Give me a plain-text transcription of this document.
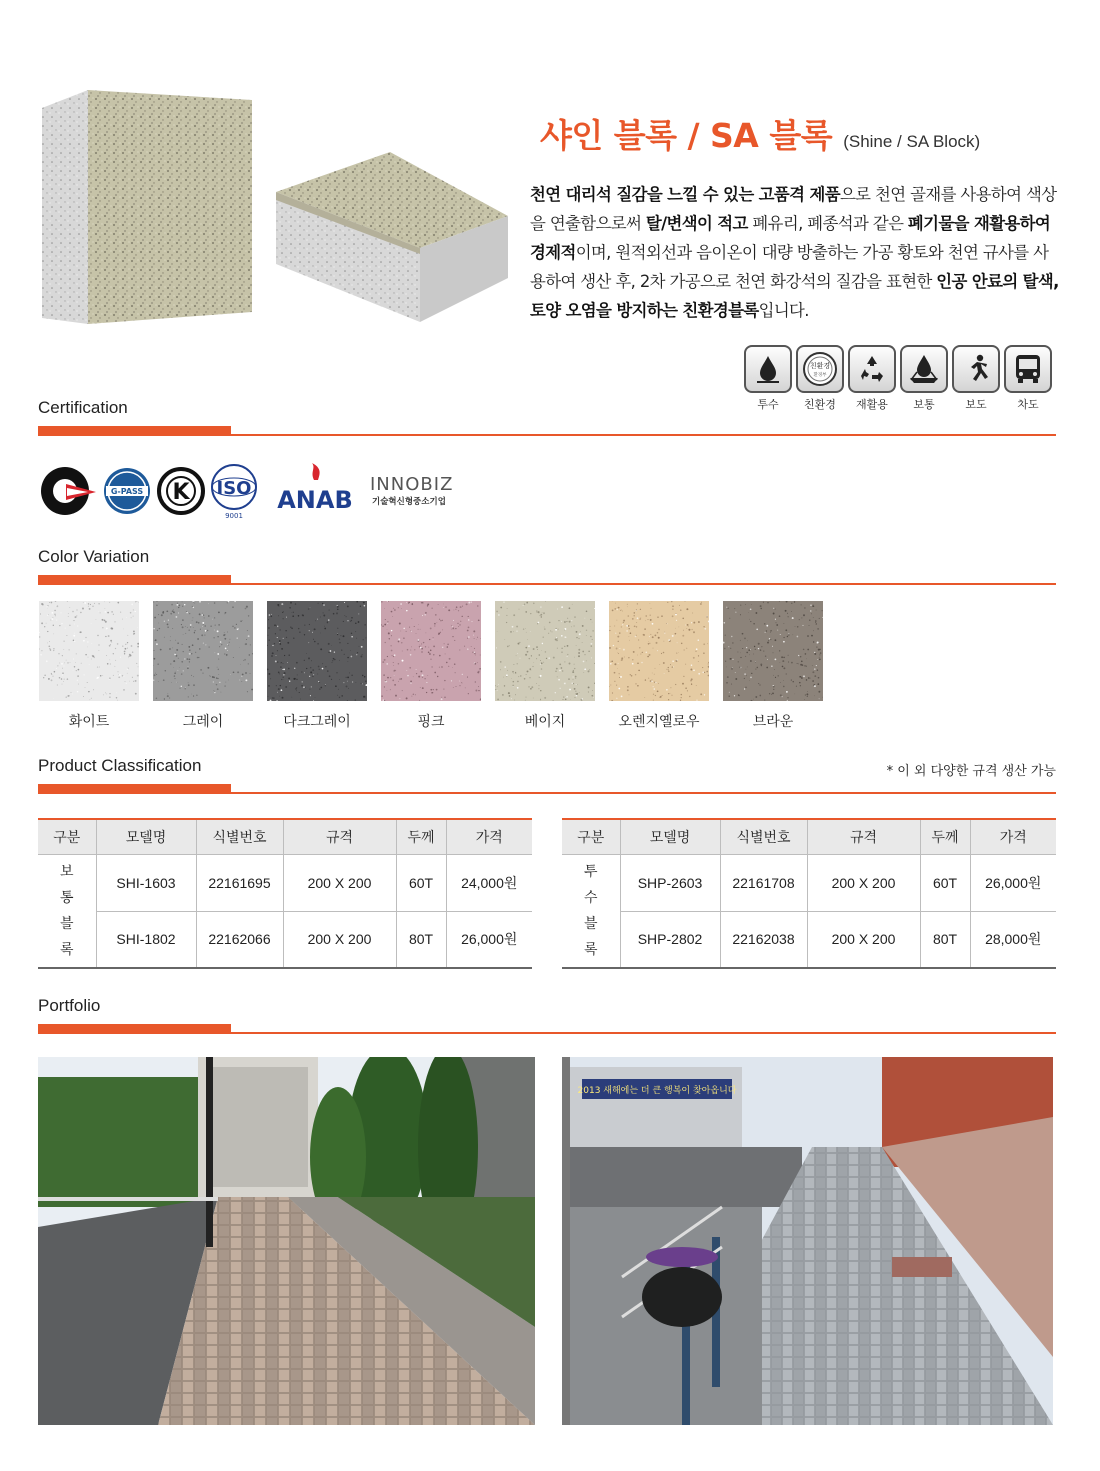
샤인 블록 / SA 블록 (Shine / SA Block)
천연 대리석 질감을 느낄 수 있는 고품격 제품으로 천연 골재를 사용하여 색상을 연출함으로써 탈/변색이 적고 폐유리, 폐종석과 같은 폐기물을 재활용하여 경제적이며, 원적외선과 음이온이 대량 방출하는 가공 황토와 천연 규사를 사용하여 생산 후, 2차 가공으로 천연 화강석의 질감을 표현한 인공 안료의 탈색, 토양 오염을 방지하는 친환경블록입니다.
투수
친환경
환경부
친환경	재활용	보통	보도	차도
Certification
G-PASS K ISO
9001
ANAB
INNOBIZ
기술혁신형중소기업
Color Variation
화이트	그레이	다크그레이	핑크	베이지	오렌지옐로우	브라운
Product Classification	* 이 외 다양한 규격 생산 가능
구분	모델명	식별번호	규격	두께	가격

보
통
블
록	SHI-1603	22161695	200 X 200	60T	24,000원
	SHI-1802	22162066	200 X 200	80T	26,000원
구분	모델명	식별번호	규격	두께	가격

투
수
블
록	SHP-2603	22161708	200 X 200	60T	26,000원
	SHP-2802	22162038	200 X 200	80T	28,000원
Portfolio
2013 새해에는 더 큰 행복이 찾아옵니다
